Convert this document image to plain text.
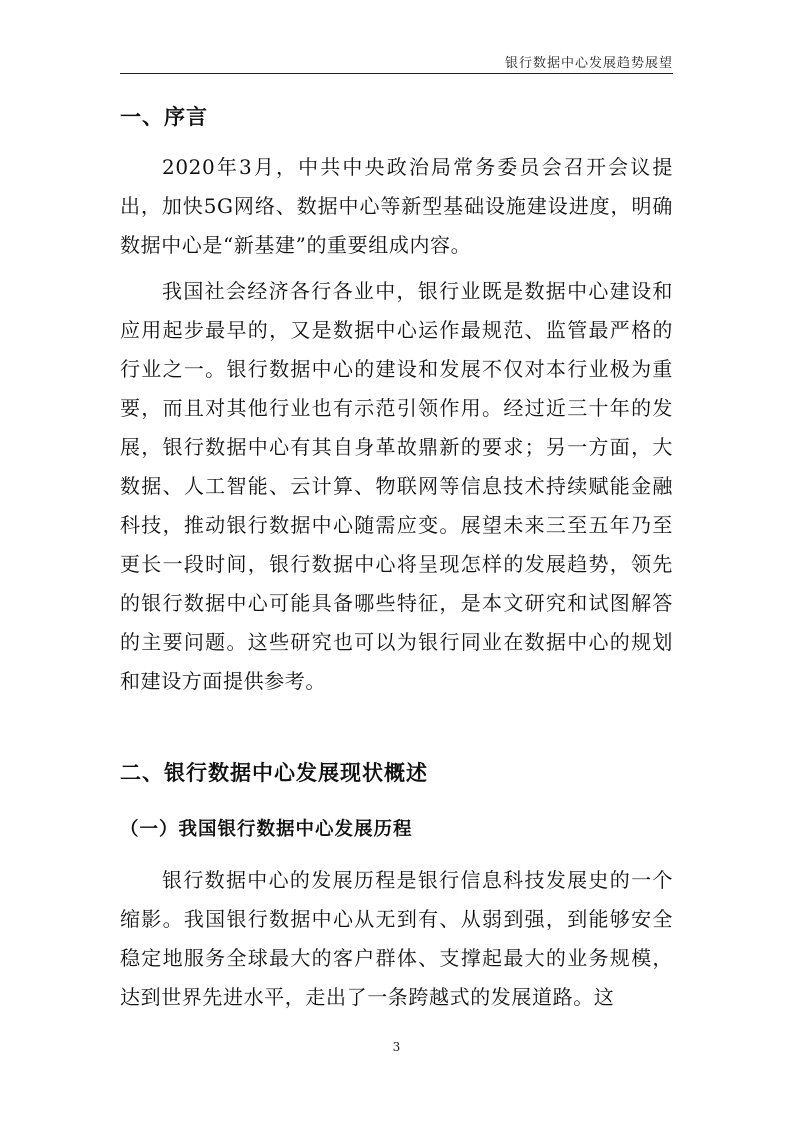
银行数据中心发展趋势展望
一、序言

2020年3月，中共中央政治局常务委员会召开会议提出，加快5G网络、数据中心等新型基础设施建设进度，明确数据中心是“新基建”的重要组成内容。

我国社会经济各行各业中，银行业既是数据中心建设和应用起步最早的，又是数据中心运作最规范、监管最严格的行业之一。银行数据中心的建设和发展不仅对本行业极为重要，而且对其他行业也有示范引领作用。经过近三十年的发展，银行数据中心有其自身革故鼎新的要求；另一方面，大数据、人工智能、云计算、物联网等信息技术持续赋能金融科技，推动银行数据中心随需应变。展望未来三至五年乃至更长一段时间，银行数据中心将呈现怎样的发展趋势，领先的银行数据中心可能具备哪些特征，是本文研究和试图解答的主要问题。这些研究也可以为银行同业在数据中心的规划和建设方面提供参考。

二、银行数据中心发展现状概述
（一）我国银行数据中心发展历程

银行数据中心的发展历程是银行信息科技发展史的一个缩影。我国银行数据中心从无到有、从弱到强，到能够安全稳定地服务全球最大的客户群体、支撑起最大的业务规模，达到世界先进水平，走出了一条跨越式的发展道路。这

3
